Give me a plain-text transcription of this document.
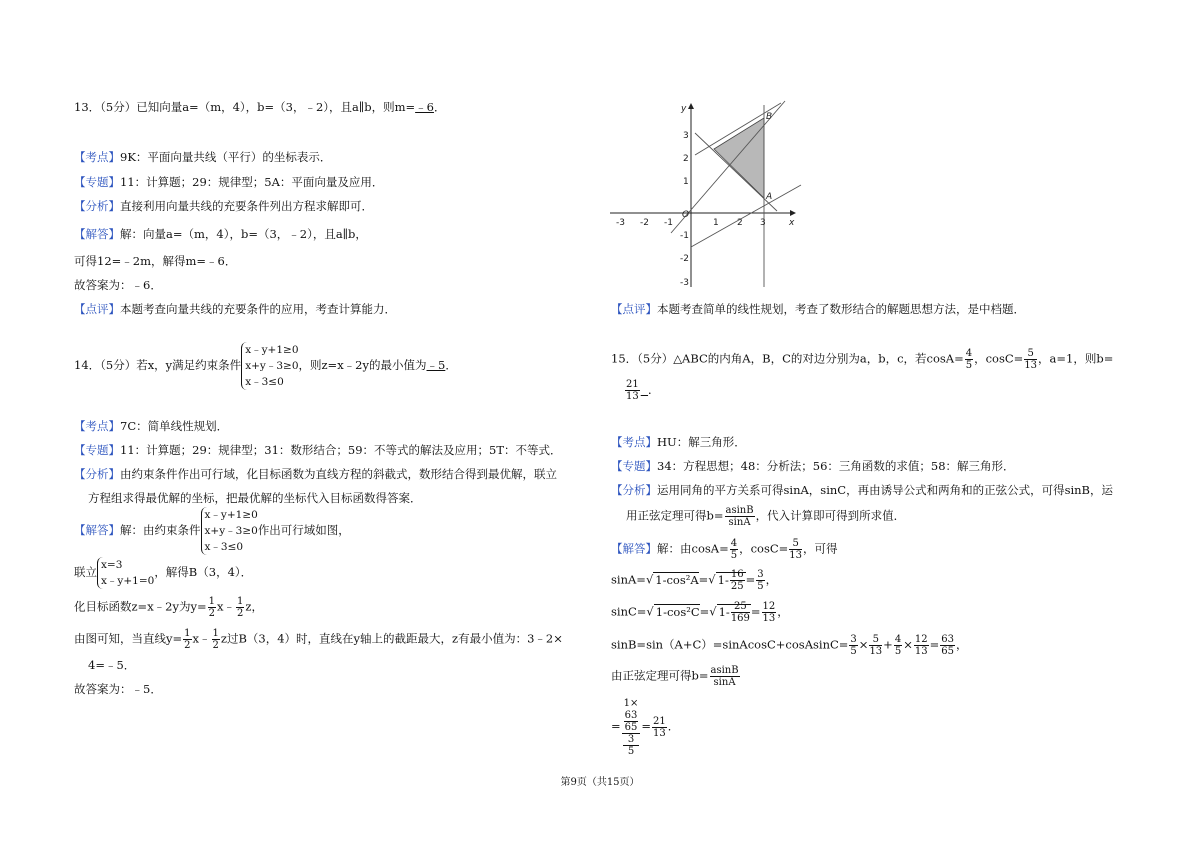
13．（5分）已知向量a=（m，4），b=（3，﹣2），且a∥b，则m=﹣6．
【考点】9K：平面向量共线（平行）的坐标表示．
【专题】11：计算题；29：规律型；5A：平面向量及应用．
【分析】直接利用向量共线的充要条件列出方程求解即可．
【解答】解：向量a=（m，4），b=（3，﹣2），且a∥b，
可得12=﹣2m，解得m=﹣6．
故答案为：﹣6．
【点评】本题考查向量共线的充要条件的应用，考查计算能力．
14．（5分）若x，y满足约束条件
x﹣y+1≥0
x+y﹣3≥0
x﹣3≤0
，则z=x﹣2y的最小值为﹣5．
【考点】7C：简单线性规划．
【专题】11：计算题；29：规律型；31：数形结合；59：不等式的解法及应用；5T：不等式．
【分析】由约束条件作出可行域，化目标函数为直线方程的斜截式，数形结合得到最优解，联立
方程组求得最优解的坐标，把最优解的坐标代入目标函数得答案．
【解答】解：由约束条件
x﹣y+1≥0
x+y﹣3≥0
x﹣3≤0
作出可行域如图，
联立 x=3
x﹣y+1=0
，解得B（3，4）．
化目标函数z=x﹣2y为$y= \frac{1}{2}$ x﹣ $\frac{1}{2}$ z，
由图可知，当直线$y= \frac{1}{2}$ x﹣ $\frac{1}{2}$ z过B（3，4）时，直线在y轴上的截距最大，z有最小值为：3﹣2×
4=﹣5．
故答案为：﹣5．
-3 -2 -1	1 2 3
3
2
1
-1
-2
-3
O
x
y
B
A
【点评】本题考查简单的线性规划，考查了数形结合的解题思想方法，是中档题．
15．（5分）△ABC的内角A，B，C的对边分别为a，b，c，若$\cos A= \frac{4}{5}$ ，$\cos C= \frac{5}{13}$ ，a=1，则b=
$\frac{21}{13}$ ．
【考点】HU：解三角形．
【专题】34：方程思想；48：分析法；56：三角函数的求值；58：解三角形．
【分析】运用同角的平方关系可得sinA，sinC，再由诱导公式和两角和的正弦公式，可得sinB，运
用正弦定理可得$b= \frac{asinB}{\sin A}$ ，代入计算即可得到所求值．
【解答】解：由$\cos A= \frac{4}{5}$ ，$\cos C= \frac{5}{13}$ ，可得
sinA=√ 1-cos²A=√ $1- \frac{16}{25} = \frac{3}{5}$ ，
sinC=√ 1-cos²C=√ $1- \frac{25}{169} = \frac{12}{13}$ ，
sinB=sin（A+C）=sinAcosC+cosAsinC= $\frac{3}{5} \times \frac{5}{13} + \frac{4}{5} \times \frac{12}{13} = \frac{63}{65}$ ，
由正弦定理可得$b= \frac{asinB}{\sin A}$
= 1×
63
65
3
$5 = \frac{21}{13}$ ．
第9页（共15页）
